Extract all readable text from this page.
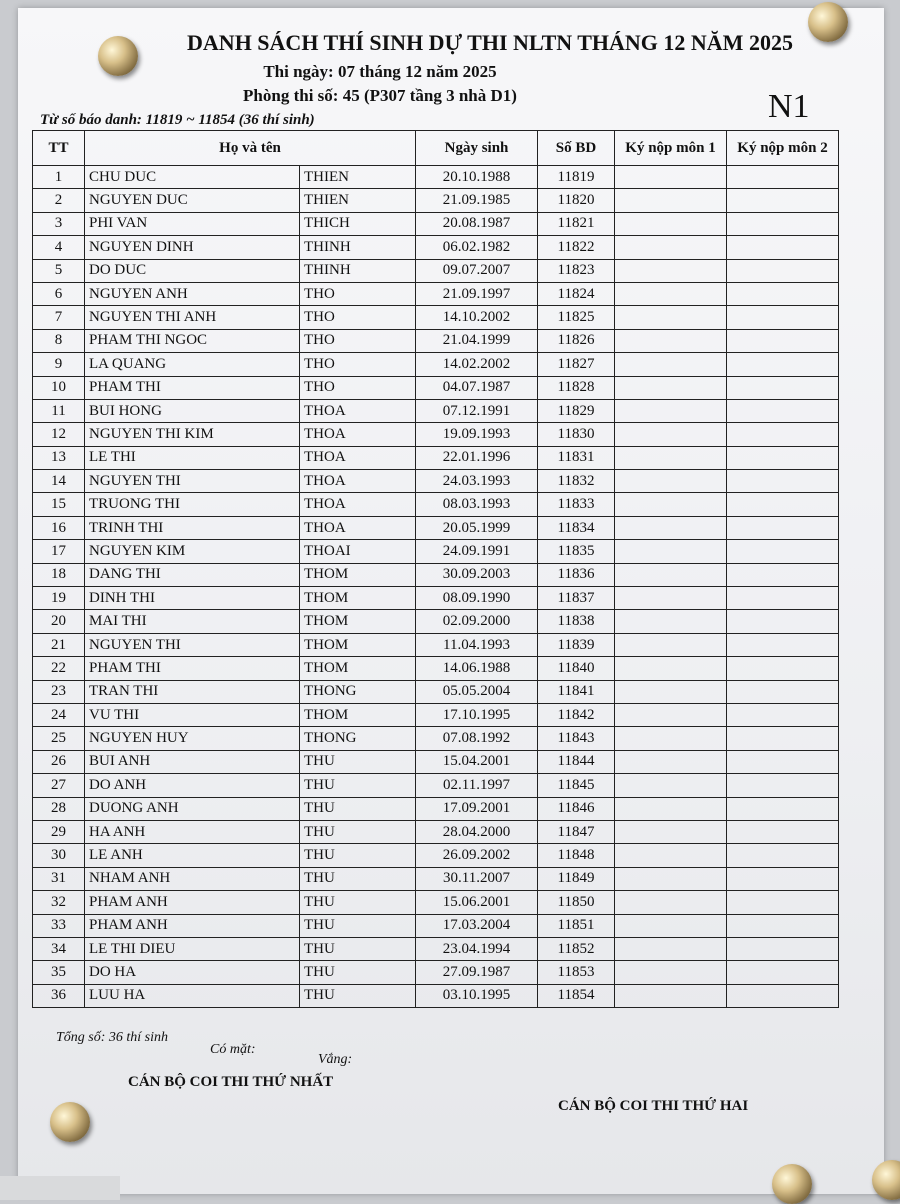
DANH SÁCH THÍ SINH DỰ THI NLTN THÁNG 12 NĂM 2025
Thi ngày: 07 tháng 12 năm 2025
Phòng thi số: 45 (P307 tầng 3 nhà D1)
Từ số báo danh: 11819 ~ 11854 (36 thí sinh)	N1
TT	Họ và tên		Ngày sinh	Số BD	Ký nộp môn 1	Ký nộp môn 2
1	CHU DUC	THIEN	20.10.1988	11819		
2	NGUYEN DUC	THIEN	21.09.1985	11820		
3	PHI VAN	THICH	20.08.1987	11821		
4	NGUYEN DINH	THINH	06.02.1982	11822		
5	DO DUC	THINH	09.07.2007	11823		
6	NGUYEN ANH	THO	21.09.1997	11824		
7	NGUYEN THI ANH	THO	14.10.2002	11825		
8	PHAM THI NGOC	THO	21.04.1999	11826		
9	LA QUANG	THO	14.02.2002	11827		
10	PHAM THI	THO	04.07.1987	11828		
11	BUI HONG	THOA	07.12.1991	11829		
12	NGUYEN THI KIM	THOA	19.09.1993	11830		
13	LE THI	THOA	22.01.1996	11831		
14	NGUYEN THI	THOA	24.03.1993	11832		
15	TRUONG THI	THOA	08.03.1993	11833		
16	TRINH THI	THOA	20.05.1999	11834		
17	NGUYEN KIM	THOAI	24.09.1991	11835		
18	DANG THI	THOM	30.09.2003	11836		
19	DINH THI	THOM	08.09.1990	11837		
20	MAI THI	THOM	02.09.2000	11838		
21	NGUYEN THI	THOM	11.04.1993	11839		
22	PHAM THI	THOM	14.06.1988	11840		
23	TRAN THI	THONG	05.05.2004	11841		
24	VU THI	THOM	17.10.1995	11842		
25	NGUYEN HUY	THONG	07.08.1992	11843		
26	BUI ANH	THU	15.04.2001	11844		
27	DO ANH	THU	02.11.1997	11845		
28	DUONG ANH	THU	17.09.2001	11846		
29	HA ANH	THU	28.04.2000	11847		
30	LE ANH	THU	26.09.2002	11848		
31	NHAM ANH	THU	30.11.2007	11849		
32	PHAM ANH	THU	15.06.2001	11850		
33	PHAM ANH	THU	17.03.2004	11851		
34	LE THI DIEU	THU	23.04.1994	11852		
35	DO HA	THU	27.09.1987	11853		
36	LUU HA	THU	03.10.1995	11854		
Tổng số: 36 thí sinh
Có mặt:
Vắng:
CÁN BỘ COI THI THỨ NHẤT
CÁN BỘ COI THI THỨ HAI
